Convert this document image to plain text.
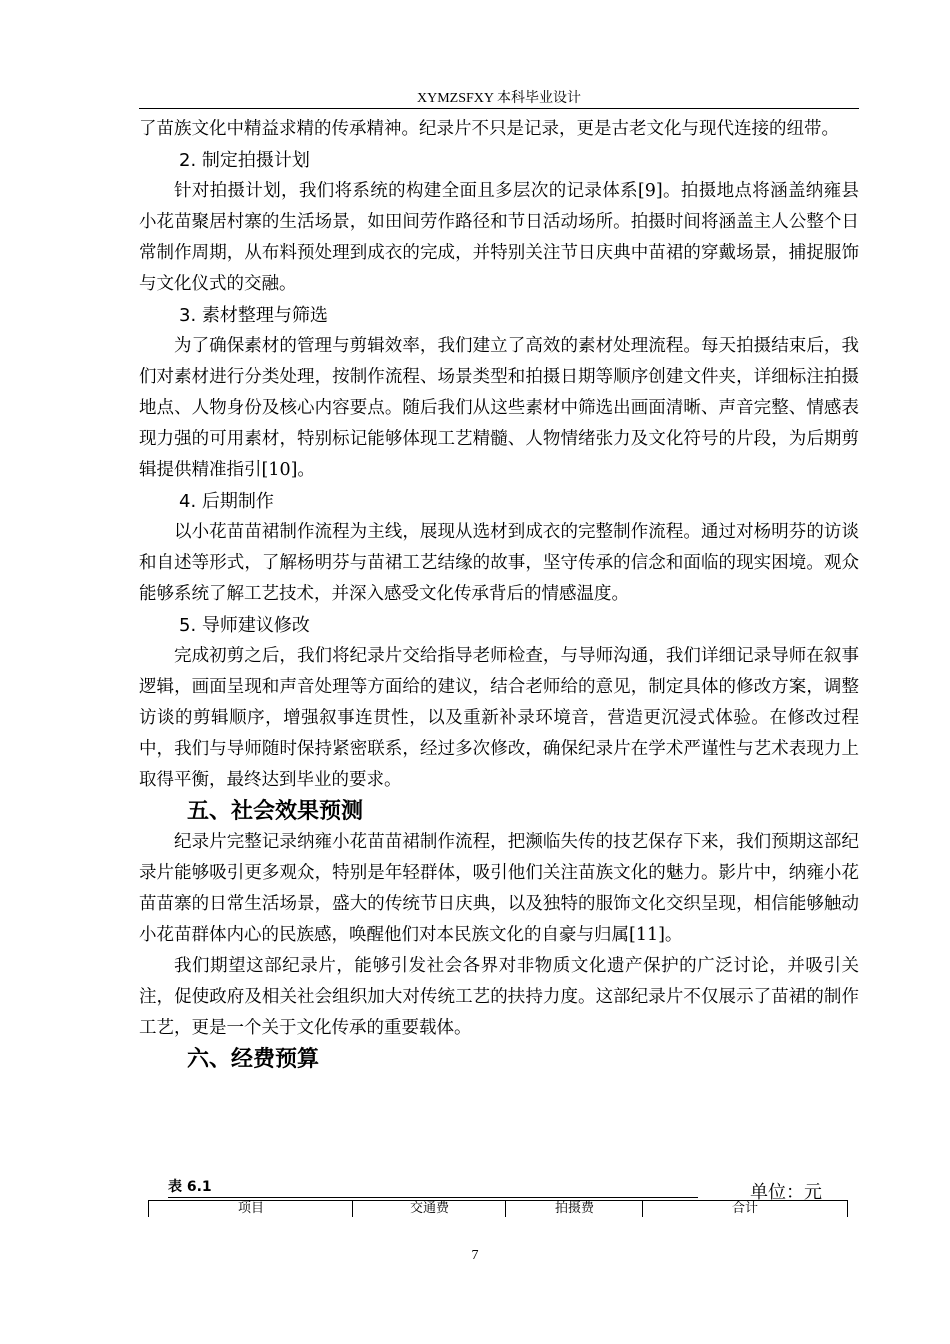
XYMZSFXY 本科毕业设计

了苗族文化中精益求精的传承精神。纪录片不只是记录，更是古老文化与现代连接的纽带。

2. 制定拍摄计划

针对拍摄计划，我们将系统的构建全面且多层次的记录体系[9]。拍摄地点将涵盖纳雍县小花苗聚居村寨的生活场景，如田间劳作路径和节日活动场所。拍摄时间将涵盖主人公整个日常制作周期，从布料预处理到成衣的完成，并特别关注节日庆典中苗裙的穿戴场景，捕捉服饰与文化仪式的交融。

3. 素材整理与筛选

为了确保素材的管理与剪辑效率，我们建立了高效的素材处理流程。每天拍摄结束后，我们对素材进行分类处理，按制作流程、场景类型和拍摄日期等顺序创建文件夹，详细标注拍摄地点、人物身份及核心内容要点。随后我们从这些素材中筛选出画面清晰、声音完整、情感表现力强的可用素材，特别标记能够体现工艺精髓、人物情绪张力及文化符号的片段，为后期剪辑提供精准指引[10]。

4. 后期制作

以小花苗苗裙制作流程为主线，展现从选材到成衣的完整制作流程。通过对杨明芬的访谈和自述等形式，了解杨明芬与苗裙工艺结缘的故事，坚守传承的信念和面临的现实困境。观众能够系统了解工艺技术，并深入感受文化传承背后的情感温度。

5. 导师建议修改

完成初剪之后，我们将纪录片交给指导老师检查，与导师沟通，我们详细记录导师在叙事逻辑，画面呈现和声音处理等方面给的建议，结合老师给的意见，制定具体的修改方案，调整访谈的剪辑顺序，增强叙事连贯性，以及重新补录环境音，营造更沉浸式体验。在修改过程中，我们与导师随时保持紧密联系，经过多次修改，确保纪录片在学术严谨性与艺术表现力上取得平衡，最终达到毕业的要求。

五、社会效果预测

纪录片完整记录纳雍小花苗苗裙制作流程，把濒临失传的技艺保存下来，我们预期这部纪录片能够吸引更多观众，特别是年轻群体，吸引他们关注苗族文化的魅力。影片中，纳雍小花苗苗寨的日常生活场景，盛大的传统节日庆典，以及独特的服饰文化交织呈现，相信能够触动小花苗群体内心的民族感，唤醒他们对本民族文化的自豪与归属[11]。

我们期望这部纪录片，能够引发社会各界对非物质文化遗产保护的广泛讨论，并吸引关注，促使政府及相关社会组织加大对传统工艺的扶持力度。这部纪录片不仅展示了苗裙的制作工艺，更是一个关于文化传承的重要载体。

六、经费预算

表 6.1	单位：元
项目	交通费	拍摄费	合计
7
